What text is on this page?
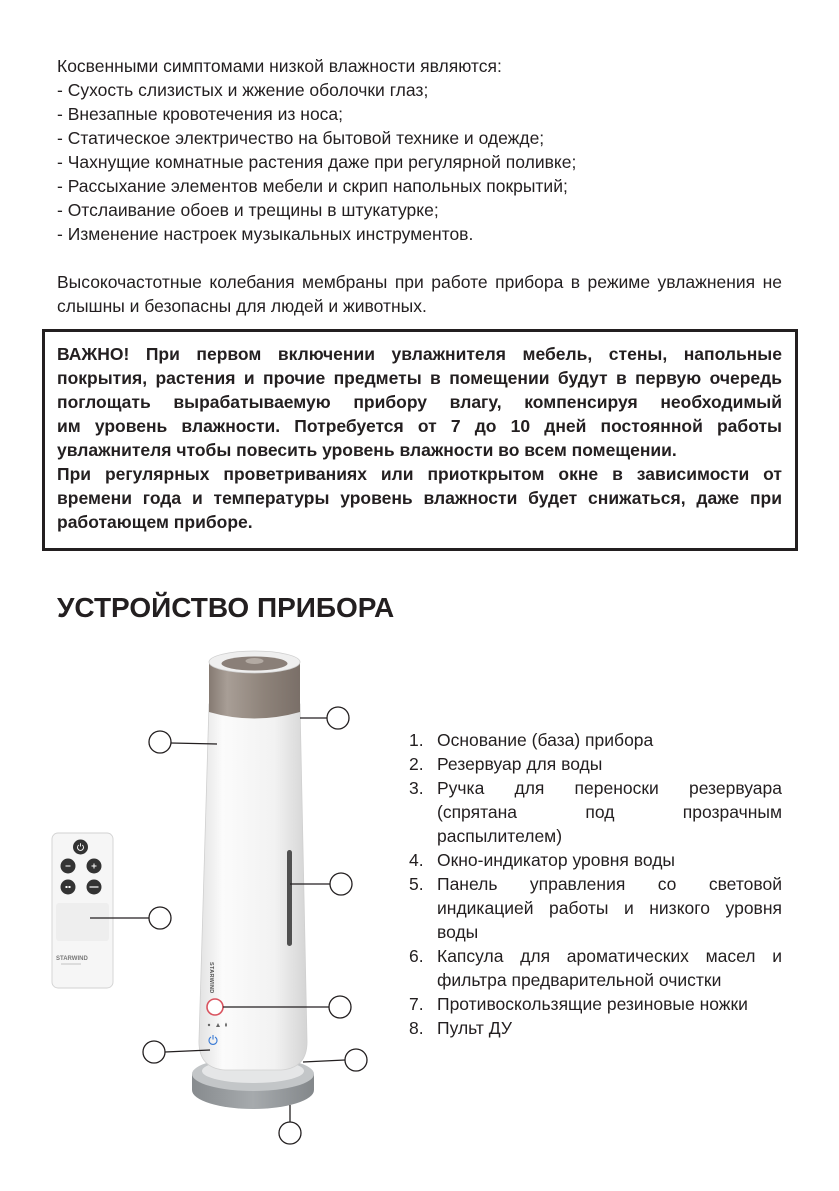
Косвенными симптомами низкой влажности являются:
- Сухость слизистых и жжение оболочки глаз;
- Внезапные кровотечения из носа;
- Статическое электричество на бытовой технике и одежде;
- Чахнущие комнатные растения даже при регулярной поливке;
- Рассыхание элементов мебели и скрип напольных покрытий;
- Отслаивание обоев и трещины в штукатурке;
- Изменение настроек музыкальных инструментов.
Высокочастотные колебания мембраны при работе прибора в режиме увлажнения не
слышны и безопасны для людей и животных.
ВАЖНО! При первом включении увлажнителя мебель, стены, напольные
покрытия, растения и прочие предметы в помещении будут в первую очередь
поглощать вырабатываемую прибору влагу, компенсируя необходимый
им уровень влажности. Потребуется от 7 до 10 дней постоянной работы
увлажнителя чтобы повесить уровень влажности во всем помещении.
При регулярных проветриваниях или приоткрытом окне в зависимости от
времени года и температуры уровень влажности будет снижаться, даже при
работающем приборе.
УСТРОЙСТВО ПРИБОРА
STARWIND
STARWIND
1. Основание (база) прибора
2. Резервуар для воды
3. Ручка для переноски резервуара
(спрятана под прозрачным
распылителем)
4. Окно-индикатор уровня воды
5. Панель управления со световой
индикацией работы и низкого уровня
воды
6. Капсула для ароматических масел и
фильтра предварительной очистки
7. Противоскользящие резиновые ножки
8. Пульт ДУ
